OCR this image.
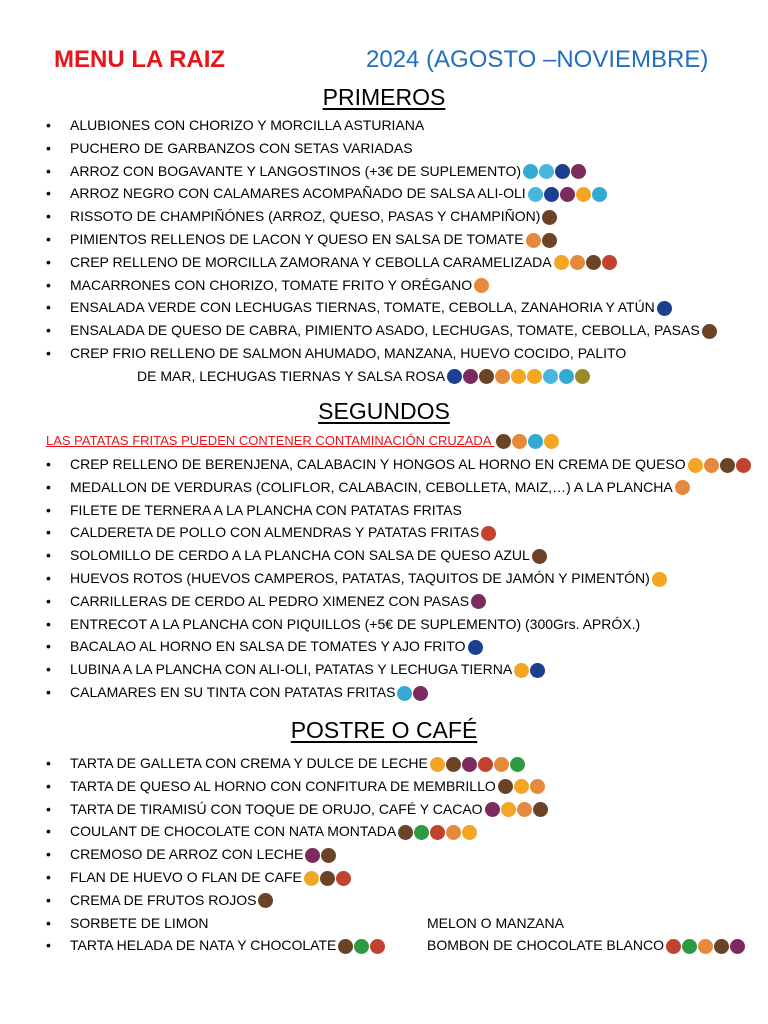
MENU LA RAIZ	2024 (AGOSTO –NOVIEMBRE)
PRIMEROS
• ALUBIONES CON CHORIZO Y MORCILLA ASTURIANA
• PUCHERO DE GARBANZOS CON SETAS VARIADAS
• ARROZ CON BOGAVANTE Y LANGOSTINOS (+3€ DE SUPLEMENTO)
• ARROZ NEGRO CON CALAMARES ACOMPAÑADO DE SALSA ALI-OLI
• RISSOTO DE CHAMPIÑÓNES (ARROZ, QUESO, PASAS Y CHAMPIÑON)
• PIMIENTOS RELLENOS DE LACON Y QUESO EN SALSA DE TOMATE
• CREP RELLENO DE MORCILLA ZAMORANA Y CEBOLLA CARAMELIZADA
• MACARRONES CON CHORIZO, TOMATE FRITO Y ORÉGANO
• ENSALADA VERDE CON LECHUGAS TIERNAS, TOMATE, CEBOLLA, ZANAHORIA Y ATÚN
• ENSALADA DE QUESO DE CABRA, PIMIENTO ASADO, LECHUGAS, TOMATE, CEBOLLA, PASAS
• CREP FRIO RELLENO DE SALMON AHUMADO, MANZANA, HUEVO COCIDO, PALITO
DE MAR, LECHUGAS TIERNAS Y SALSA ROSA
SEGUNDOS
LAS PATATAS FRITAS PUEDEN CONTENER CONTAMINACIÓN CRUZADA
• CREP RELLENO DE BERENJENA, CALABACIN Y HONGOS AL HORNO EN CREMA DE QUESO
• MEDALLON DE VERDURAS (COLIFLOR, CALABACIN, CEBOLLETA, MAIZ,…) A LA PLANCHA
• FILETE DE TERNERA A LA PLANCHA CON PATATAS FRITAS
• CALDERETA DE POLLO CON ALMENDRAS Y PATATAS FRITAS
• SOLOMILLO DE CERDO A LA PLANCHA CON SALSA DE QUESO AZUL
• HUEVOS ROTOS (HUEVOS CAMPEROS, PATATAS, TAQUITOS DE JAMÓN Y PIMENTÓN)
• CARRILLERAS DE CERDO AL PEDRO XIMENEZ CON PASAS
• ENTRECOT A LA PLANCHA CON PIQUILLOS (+5€ DE SUPLEMENTO) (300Grs. APRÓX.)
• BACALAO AL HORNO EN SALSA DE TOMATES Y AJO FRITO
• LUBINA A LA PLANCHA CON ALI-OLI, PATATAS Y LECHUGA TIERNA
• CALAMARES EN SU TINTA CON PATATAS FRITAS
POSTRE O CAFÉ
• TARTA DE GALLETA CON CREMA Y DULCE DE LECHE
• TARTA DE QUESO AL HORNO CON CONFITURA DE MEMBRILLO
• TARTA DE TIRAMISÚ CON TOQUE DE ORUJO, CAFÉ Y CACAO
• COULANT DE CHOCOLATE CON NATA MONTADA
• CREMOSO DE ARROZ CON LECHE
• FLAN DE HUEVO O FLAN DE CAFE
• CREMA DE FRUTOS ROJOS
• SORBETE DE LIMON	MELON O MANZANA
• TARTA HELADA DE NATA Y CHOCOLATE	BOMBON DE CHOCOLATE BLANCO
